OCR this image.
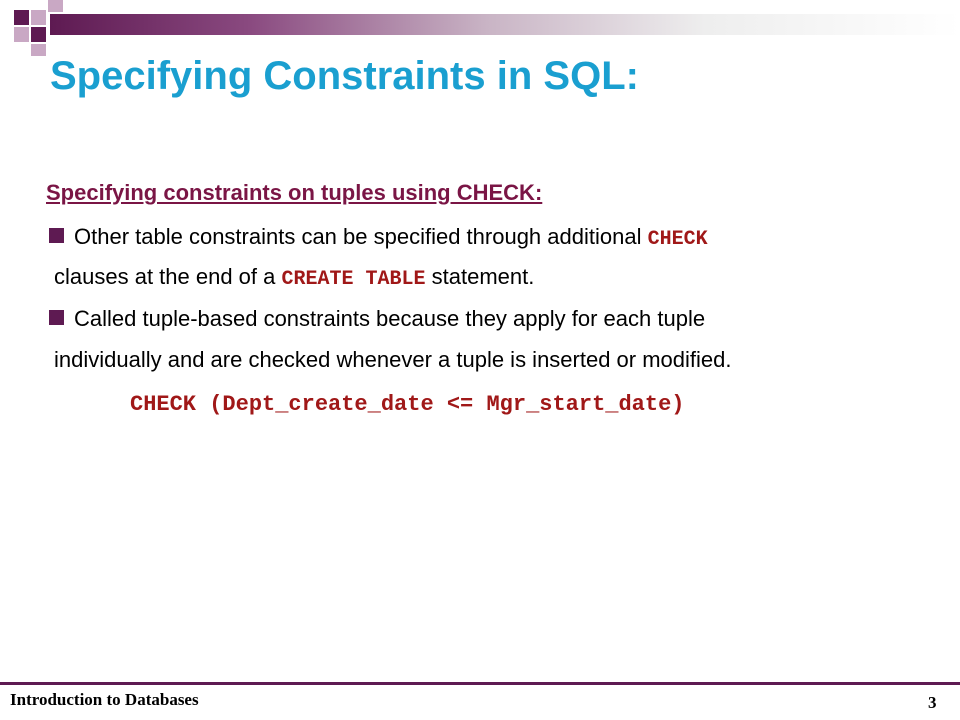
Specifying Constraints in SQL:
Specifying constraints on tuples using CHECK:
Other table constraints can be specified through additional CHECK
clauses at the end of a CREATE TABLE statement.
Called tuple-based constraints because they apply for each tuple
individually and are checked whenever a tuple is inserted or modified.
CHECK (Dept_create_date <= Mgr_start_date)
Introduction to Databases	3
